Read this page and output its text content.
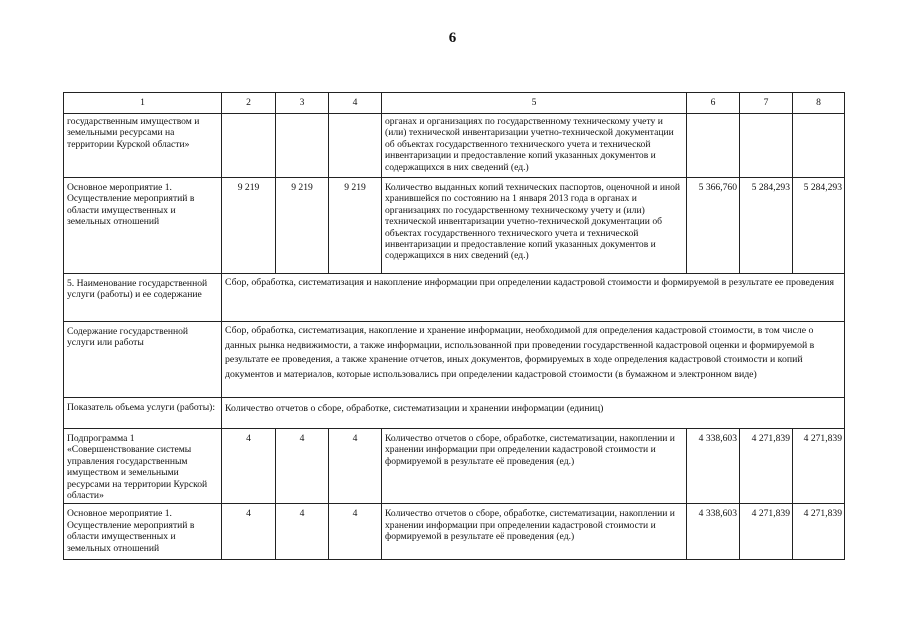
6
1	2	3	4	5	6	7	8
государственным имуществом и земельными ресурсами на территории Курской области»				органах и организациях по государственному техническому учету и (или) технической инвентаризации учетно-технической документации об объектах государственного технического учета и технической инвентаризации и предоставление копий указанных документов и содержащихся в них сведений (ед.)			
Основное мероприятие 1. Осуществление мероприятий в области имущественных и земельных отношений	9 219	9 219	9 219	Количество выданных копий технических паспортов, оценочной и иной хранившейся по состоянию на 1 января 2013 года в органах и организациях по государственному техническому учету и (или) технической инвентаризации учетно-технической документации об объектах государственного технического учета и технической инвентаризации и предоставление копий указанных документов и содержащихся в них сведений (ед.)	5 366,760	5 284,293	5 284,293
5. Наименование государственной услуги (работы) и ее содержание	Сбор, обработка, систематизация и накопление информации при определении кадастровой стоимости и формируемой в результате ее проведения						
Содержание государственной услуги или работы	Сбор, обработка, систематизация, накопление и хранение информации, необходимой для определения кадастровой стоимости, в том числе о данных рынка недвижимости, а также информации, использованной при проведении государственной кадастровой оценки и формируемой в результате ее проведения, а также хранение отчетов, иных документов, формируемых в ходе определения кадастровой стоимости и копий документов и материалов, которые использовались при определении кадастровой стоимости (в бумажном и электронном виде)						
Показатель объема услуги (работы):	Количество отчетов о сборе, обработке, систематизации и хранении информации (единиц)						
Подпрограмма 1 «Совершенствование системы управления государственным имуществом и земельными ресурсами на территории Курской области»	4	4	4	Количество отчетов о сборе, обработке, систематизации, накоплении и хранении информации при определении кадастровой стоимости и формируемой в результате её проведения (ед.)	4 338,603	4 271,839	4 271,839
Основное мероприятие 1. Осуществление мероприятий в области имущественных и земельных отношений	4	4	4	Количество отчетов о сборе, обработке, систематизации, накоплении и хранении информации при определении кадастровой стоимости и формируемой в результате её проведения (ед.)	4 338,603	4 271,839	4 271,839
